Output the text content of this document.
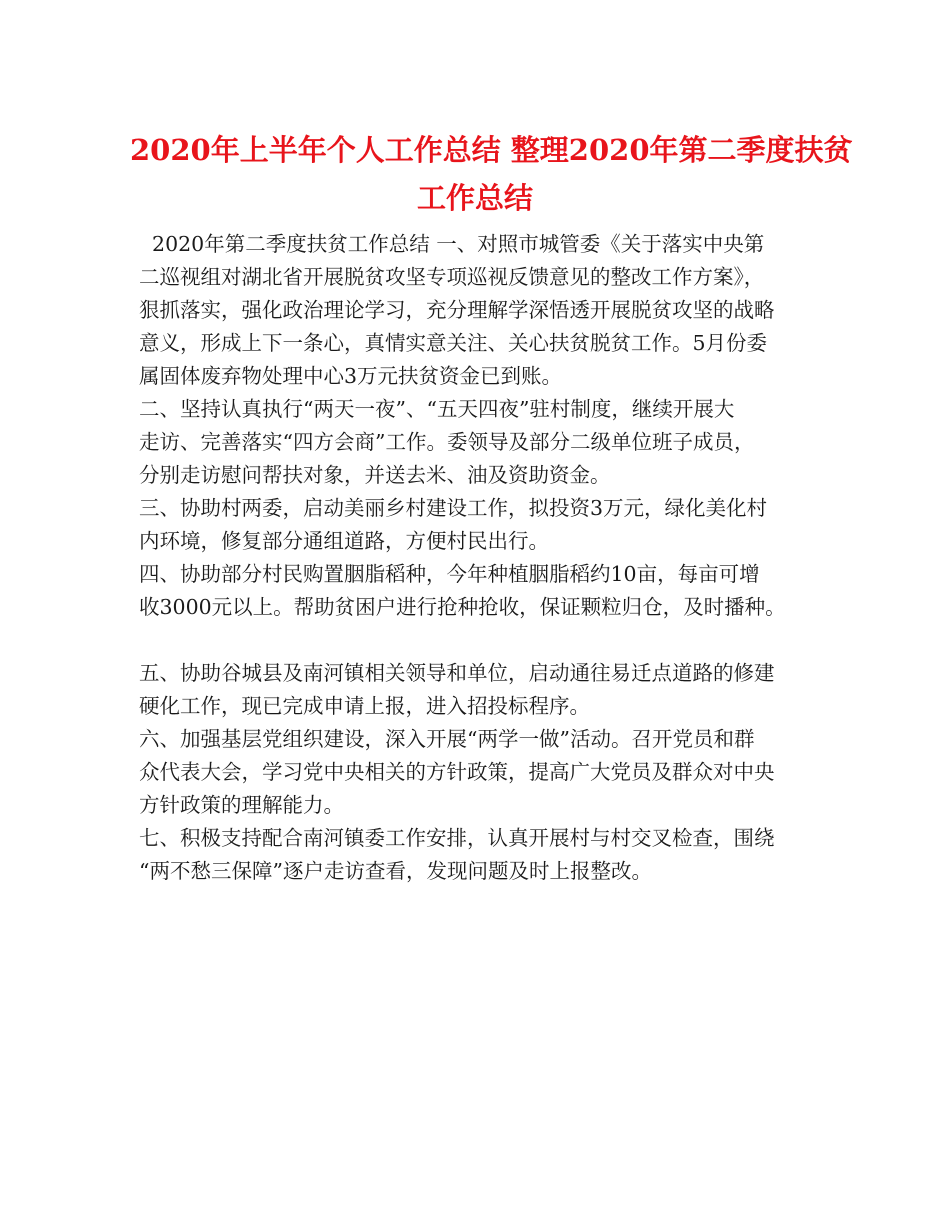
2020年上半年个人工作总结 整理2020年第二季度扶贫
工作总结
2020年第二季度扶贫工作总结 一、对照市城管委《关于落实中央第
二巡视组对湖北省开展脱贫攻坚专项巡视反馈意见的整改工作方案》，
狠抓落实，强化政治理论学习，充分理解学深悟透开展脱贫攻坚的战略
意义，形成上下一条心，真情实意关注、关心扶贫脱贫工作。5月份委
属固体废弃物处理中心3万元扶贫资金已到账。
二、坚持认真执行“两天一夜”、“五天四夜”驻村制度，继续开展大
走访、完善落实“四方会商”工作。委领导及部分二级单位班子成员，
分别走访慰问帮扶对象，并送去米、油及资助资金。
三、协助村两委，启动美丽乡村建设工作，拟投资3万元，绿化美化村
内环境，修复部分通组道路，方便村民出行。
四、协助部分村民购置胭脂稻种，今年种植胭脂稻约10亩，每亩可增
收3000元以上。帮助贫困户进行抢种抢收，保证颗粒归仓，及时播种。
五、协助谷城县及南河镇相关领导和单位，启动通往易迁点道路的修建
硬化工作，现已完成申请上报，进入招投标程序。
六、加强基层党组织建设，深入开展“两学一做”活动。召开党员和群
众代表大会，学习党中央相关的方针政策，提高广大党员及群众对中央
方针政策的理解能力。
七、积极支持配合南河镇委工作安排，认真开展村与村交叉检查，围绕
“两不愁三保障”逐户走访查看，发现问题及时上报整改。
